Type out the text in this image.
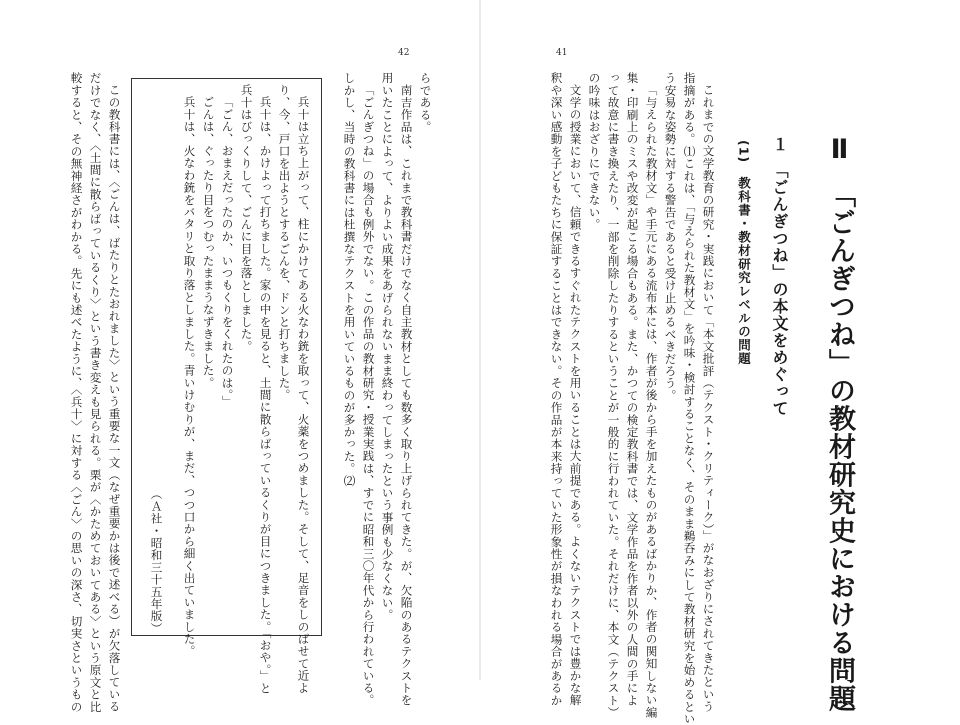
42	41
Ⅱ　「ごんぎつね」の教材研究史における問題
１　「ごんぎつね」の本文をめぐって
(1)　教科書・教材研究レベルの問題
これまでの文学教育の研究・実践において「本文批評（テクスト・クリティーク）」がなおざりにされてきたという
指摘がある。⑴これは、「与えられた教材文」を吟味・検討することなく、そのまま鵜呑みにして教材研究を始めるとい
う安易な姿勢に対する警告であると受け止めるべきだろう。
「与えられた教材文」や手元にある流布本には、作者が後から手を加えたものがあるばかりか、作者の関知しない編
集・印刷上のミスや改変が起こる場合もある。また、かつての検定教科書では、文学作品を作者以外の人間の手によ
って故意に書き換えたり、一部を削除したりするということが一般的に行われていた。それだけに、本文（テクスト）
の吟味はおざりにできない。
文学の授業において、信頼できるすぐれたテクストを用いることは大前提である。よくないテクストでは豊かな解
釈や深い感動を子どもたちに保証することはできない。その作品が本来持っていた形象性が損なわれる場合があるか
らである。
南吉作品は、これまで教科書だけでなく自主教材としても数多く取り上げられてきた。が、欠陥のあるテクストを
用いたことによって、よりよい成果をあげられないまま終わってしまったという事例も少なくない。
「ごんぎつね」の場合も例外でない。この作品の教材研究・授業実践は、すでに昭和三〇年代から行われている。
しかし、当時の教科書には杜撰なテクストを用いているものが多かった。⑵
兵十は立ち上がって、柱にかけてある火なわ銃を取って、火薬をつめました。そして、足音をしのばせて近よ
り、今、戸口を出ようとするごんを、ドンと打ちました。
兵十は、かけよって打ちました。家の中を見ると、土間に散らばっているくりが目につきました。「おや。」と
兵十はびっくりして、ごんに目を落としました。
「ごん、おまえだったのか、いつもくりをくれたのは。」
ごんは、ぐったり目をつむったままうなずきました。
兵十は、火なわ銃をバタリと取り落としました。青いけむりが、まだ、つつ口から細く出ていました。
（Ａ社・昭和三十五年版）
この教科書には、〈ごんは、ばたりとたおれました〉という重要な一文（なぜ重要かは後で述べる）が欠落している
だけでなく、〈土間に散らばっているくり〉という書き変えも見られる。栗が〈かためておいてある〉という原文と比
較すると、その無神経さがわかる。先にも述べたように、〈兵十〉に対する〈ごん〉の思いの深さ、切実さというもの
